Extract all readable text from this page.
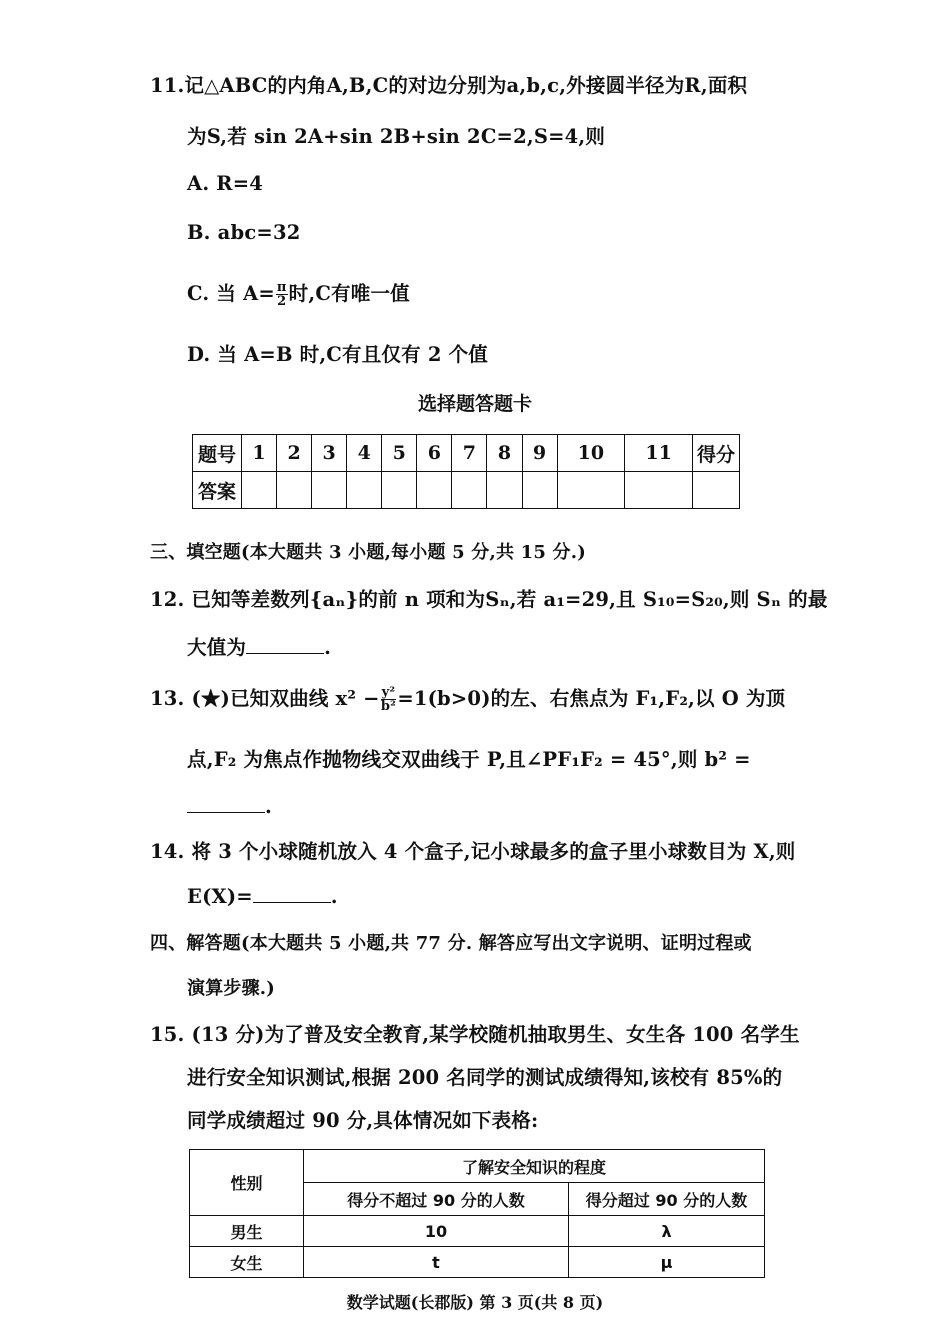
11.记△ABC的内角A,B,C的对边分别为a,b,c,外接圆半径为R,面积
为S,若 sin 2A+sin 2B+sin 2C=2,S=4,则
A. R=4
B. abc=32
C. 当 $A= \frac{\pi}{2}$ 时,C有唯一值
D. 当 A=B 时,C有且仅有 2 个值
选择题答题卡
题号	1	2	3	4	5	6	7	8	9	10	11	得分
答案												
三、填空题(本大题共 3 小题,每小题 5 分,共 15 分.)
12. 已知等差数列{aₙ}的前 n 项和为Sₙ,若 a₁=29,且 S₁₀=S₂₀,则 Sₙ 的最
大值为	.
13. (★)已知双曲线 $x^2 - \frac{\text{y²}}{\text{b²}} =1(b>0)$的左、右焦点为 F₁,F₂,以 O 为顶
点,F₂ 为焦点作抛物线交双曲线于 P,且∠PF₁F₂ = 45°,则 b² =
.
14. 将 3 个小球随机放入 4 个盒子,记小球最多的盒子里小球数目为 X,则
E(X)=	.
四、解答题(本大题共 5 小题,共 77 分. 解答应写出文字说明、证明过程或
演算步骤.)
15. (13 分)为了普及安全教育,某学校随机抽取男生、女生各 100 名学生
进行安全知识测试,根据 200 名同学的测试成绩得知,该校有 85%的
同学成绩超过 90 分,具体情况如下表格:
性别	了解安全知识的程度	
	得分不超过 90 分的人数	得分超过 90 分的人数
男生	10	λ
女生	t	μ
数学试题(长郡版) 第 3 页(共 8 页)
